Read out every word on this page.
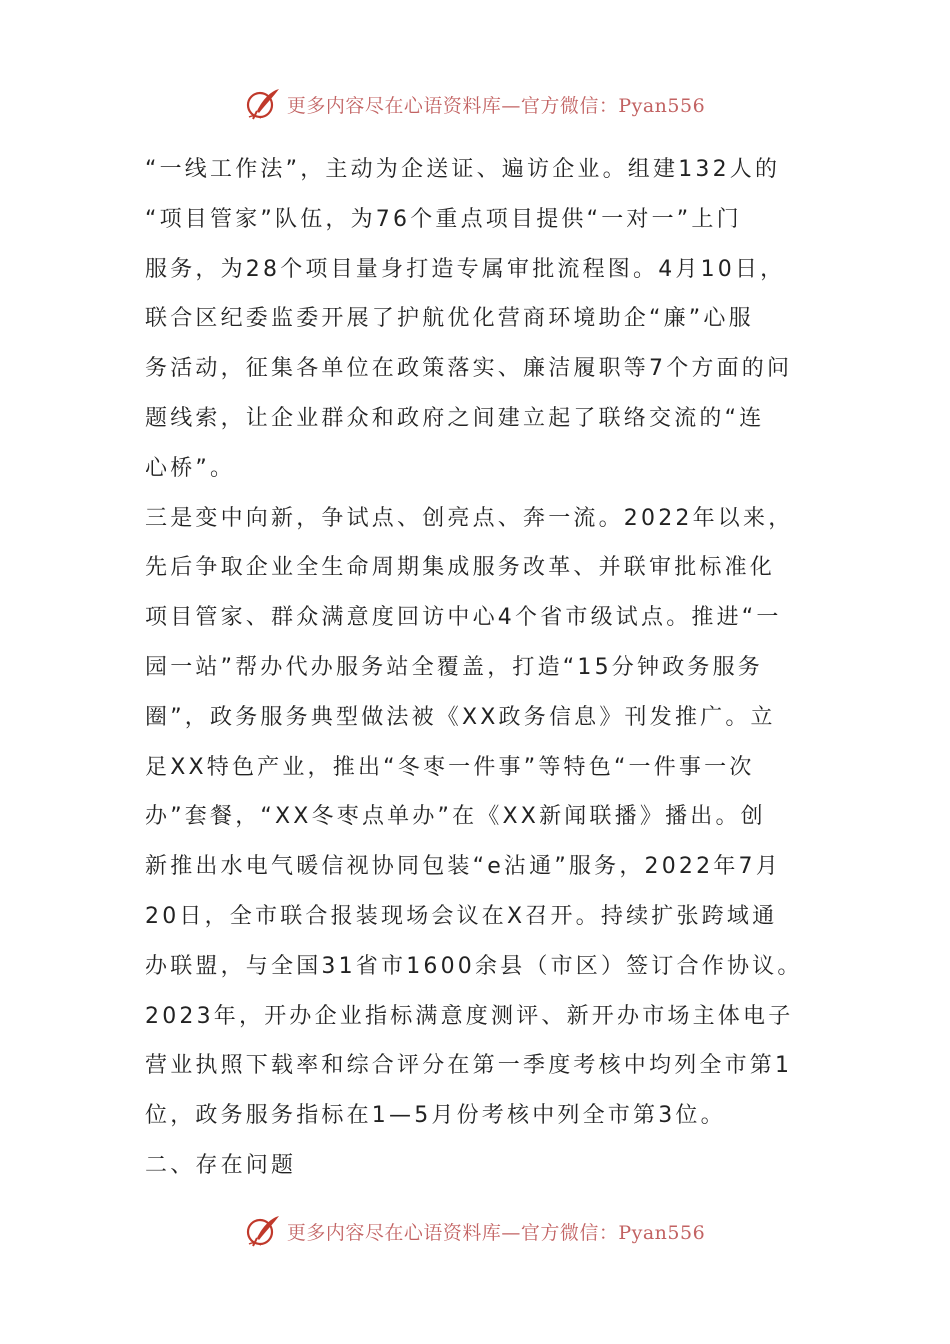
更多内容尽在心语资料库—官方微信：Pyan556
“一线工作法”，主动为企送证、遍访企业。组建132人的
“项目管家”队伍，为76个重点项目提供“一对一”上门
服务，为28个项目量身打造专属审批流程图。4月10日，
联合区纪委监委开展了护航优化营商环境助企“廉”心服
务活动，征集各单位在政策落实、廉洁履职等7个方面的问
题线索，让企业群众和政府之间建立起了联络交流的“连
心桥”。
三是变中向新，争试点、创亮点、奔一流。2022年以来，
先后争取企业全生命周期集成服务改革、并联审批标准化
项目管家、群众满意度回访中心4个省市级试点。推进“一
园一站”帮办代办服务站全覆盖，打造“15分钟政务服务
圈”，政务服务典型做法被《XX政务信息》刊发推广。立
足XX特色产业，推出“冬枣一件事”等特色“一件事一次
办”套餐，“XX冬枣点单办”在《XX新闻联播》播出。创
新推出水电气暖信视协同包装“e沾通”服务，2022年7月
20日，全市联合报装现场会议在X召开。持续扩张跨域通
办联盟，与全国31省市1600余县（市区）签订合作协议。
2023年，开办企业指标满意度测评、新开办市场主体电子
营业执照下载率和综合评分在第一季度考核中均列全市第1
位，政务服务指标在1—5月份考核中列全市第3位。
二、存在问题
更多内容尽在心语资料库—官方微信：Pyan556
